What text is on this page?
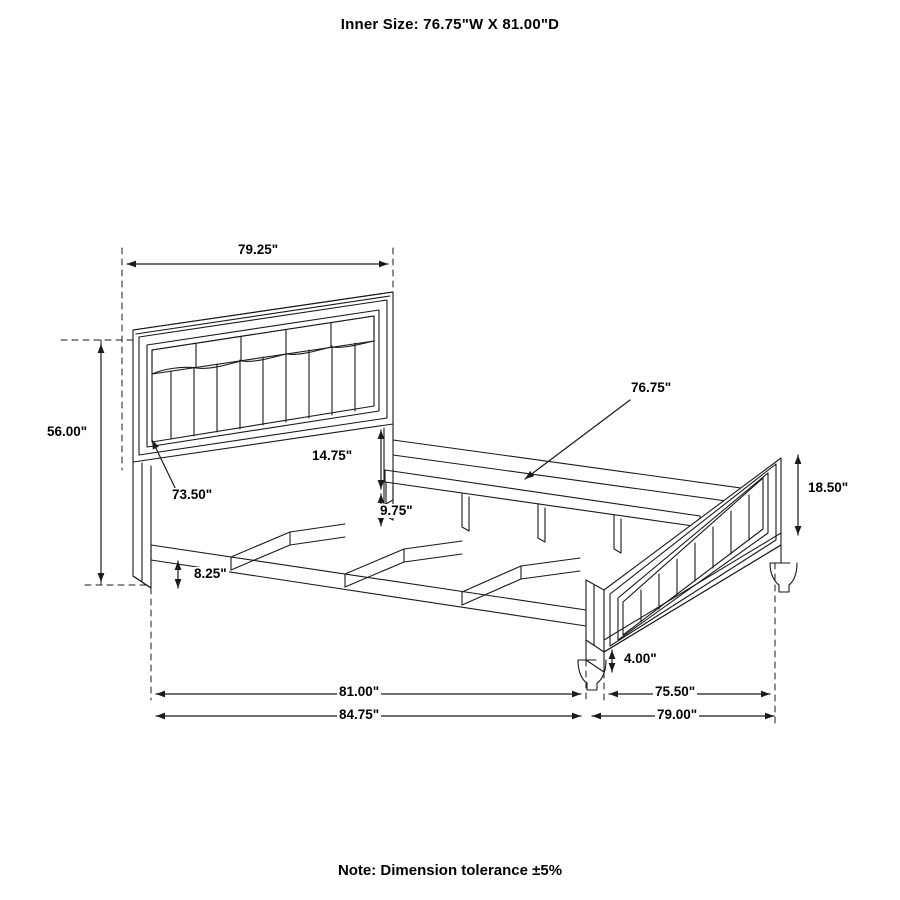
Inner Size: 76.75"W X 81.00"D
79.25"
56.00"
73.50"
14.75"
9.75"
8.25"
76.75"
18.50"
4.00"
81.00"
84.75"
75.50"
79.00"
Note: Dimension tolerance ±5%
